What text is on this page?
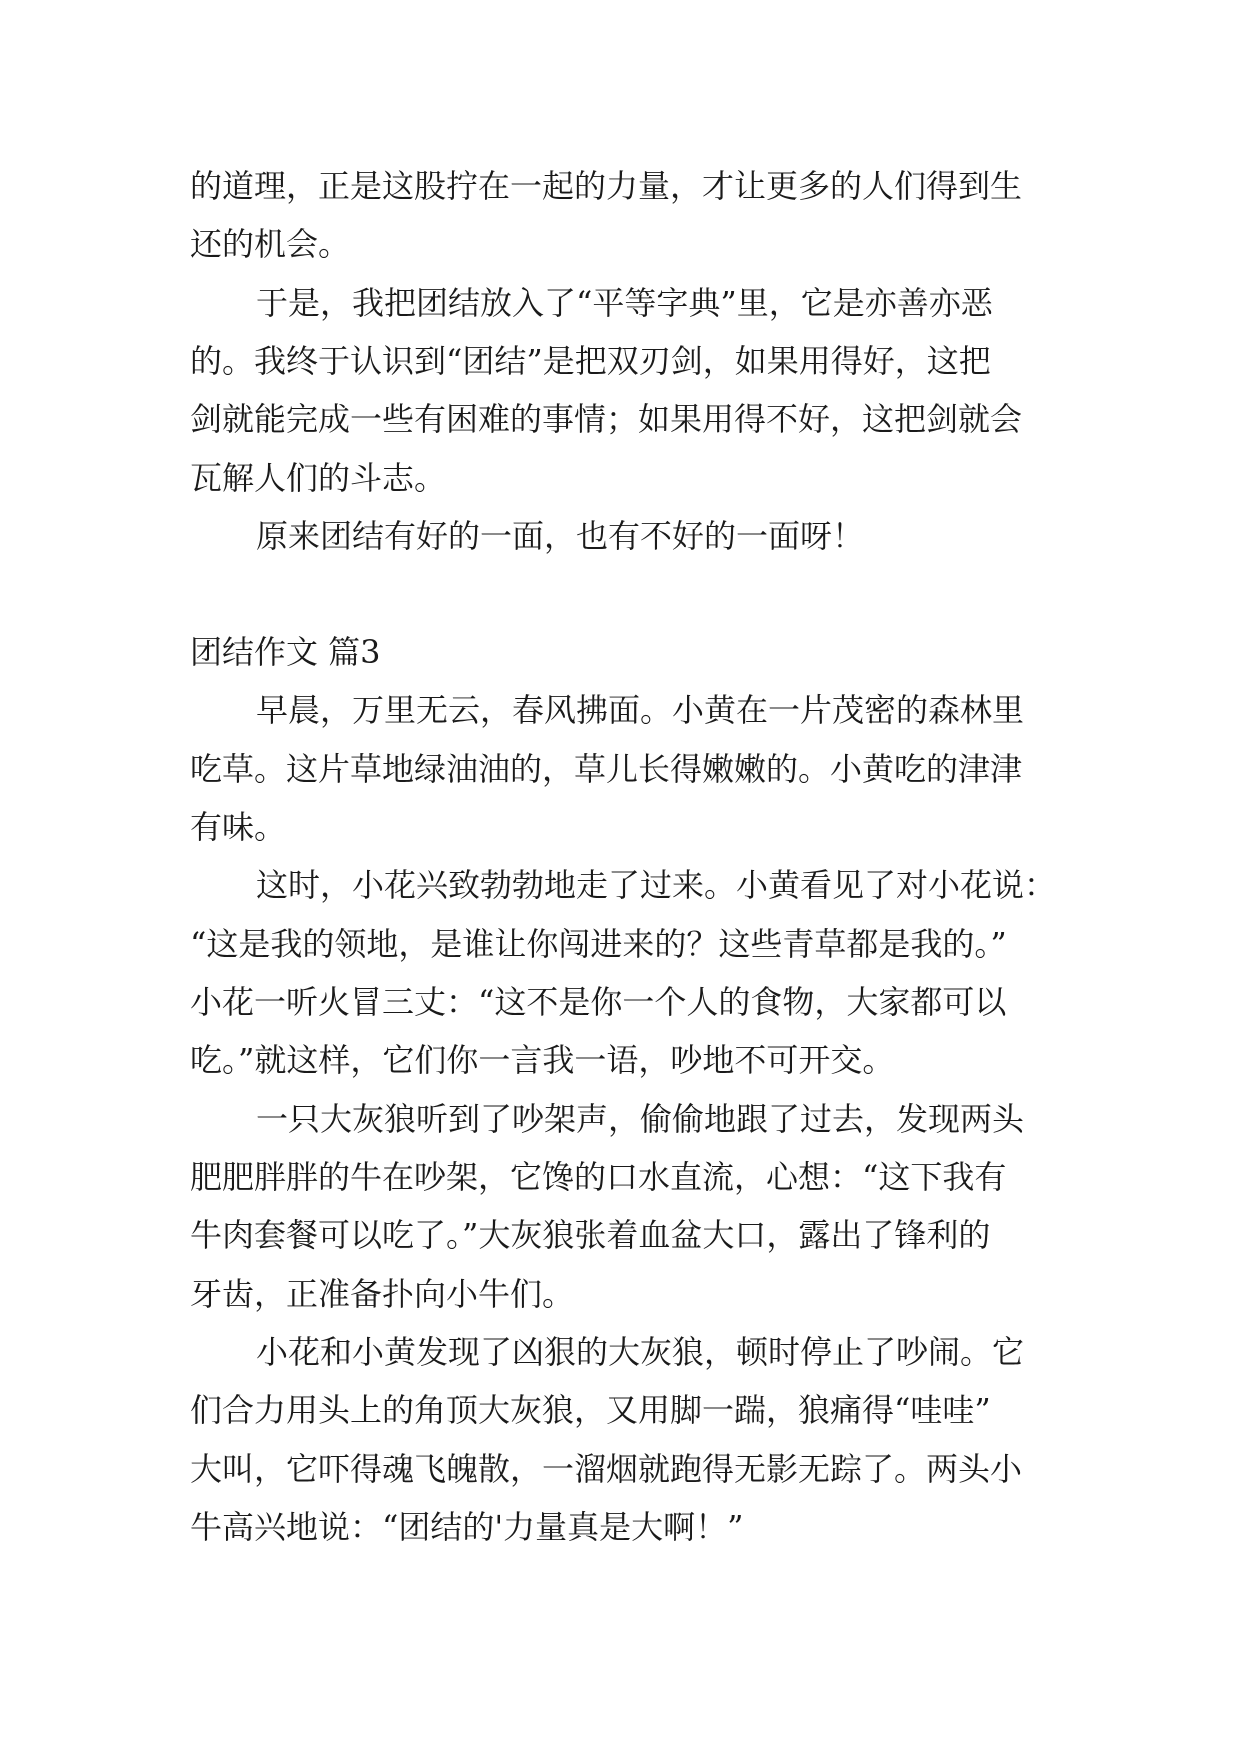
的道理，正是这股拧在一起的力量，才让更多的人们得到生
还的机会。
于是，我把团结放入了“平等字典”里，它是亦善亦恶
的。我终于认识到“团结”是把双刃剑，如果用得好，这把
剑就能完成一些有困难的事情；如果用得不好，这把剑就会
瓦解人们的斗志。
原来团结有好的一面，也有不好的一面呀！
团结作文 篇3
早晨，万里无云，春风拂面。小黄在一片茂密的森林里
吃草。这片草地绿油油的，草儿长得嫩嫩的。小黄吃的津津
有味。
这时，小花兴致勃勃地走了过来。小黄看见了对小花说：
“这是我的领地，是谁让你闯进来的？这些青草都是我的。”
小花一听火冒三丈：“这不是你一个人的食物，大家都可以
吃。”就这样，它们你一言我一语，吵地不可开交。
一只大灰狼听到了吵架声，偷偷地跟了过去，发现两头
肥肥胖胖的牛在吵架，它馋的口水直流，心想：“这下我有
牛肉套餐可以吃了。”大灰狼张着血盆大口，露出了锋利的
牙齿，正准备扑向小牛们。
小花和小黄发现了凶狠的大灰狼，顿时停止了吵闹。它
们合力用头上的角顶大灰狼，又用脚一踹，狼痛得“哇哇”
大叫，它吓得魂飞魄散，一溜烟就跑得无影无踪了。两头小
牛高兴地说：“团结的'力量真是大啊！”
